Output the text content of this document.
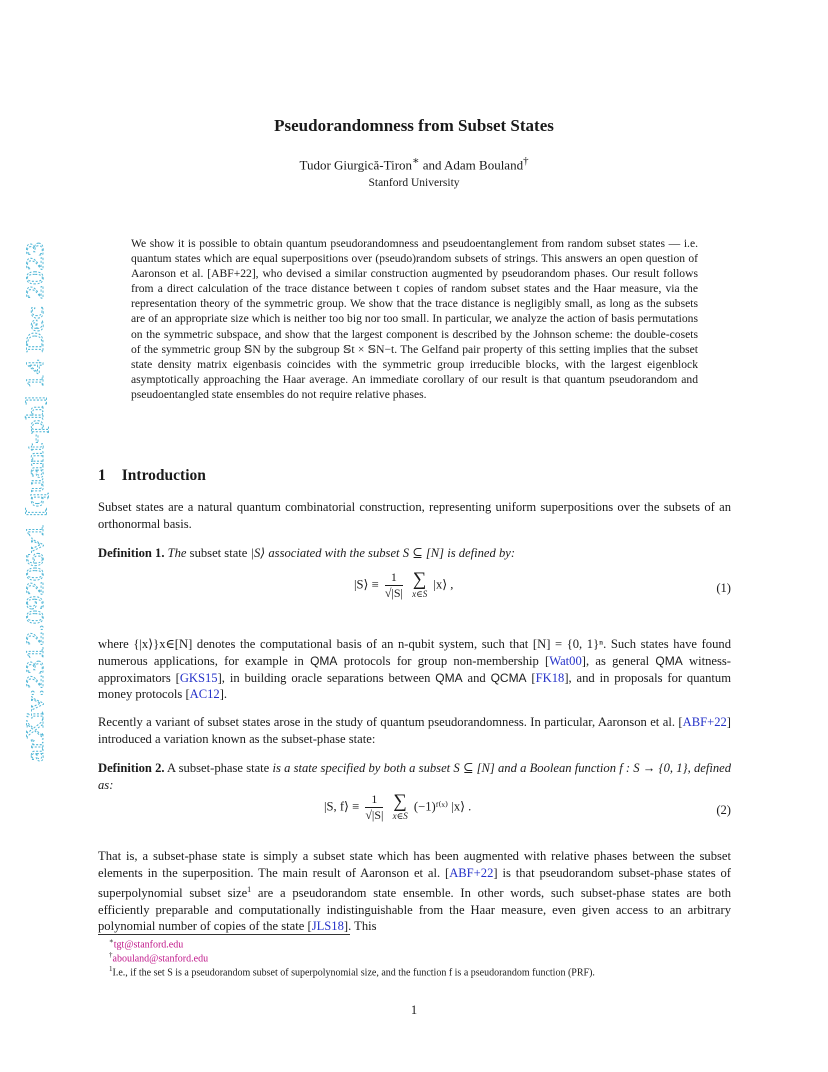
arXiv:2312.09206v1 [quant-ph] 14 Dec 2023
Pseudorandomness from Subset States
Tudor Giurgică-Tiron∗ and Adam Bouland†
Stanford University
We show it is possible to obtain quantum pseudorandomness and pseudoentanglement from random subset states — i.e. quantum states which are equal superpositions over (pseudo)random subsets of strings. This answers an open question of Aaronson et al. [ABF+22], who devised a similar construction augmented by pseudorandom phases. Our result follows from a direct calculation of the trace distance between t copies of random subset states and the Haar measure, via the representation theory of the symmetric group. We show that the trace distance is negligibly small, as long as the subsets are of an appropriate size which is neither too big nor too small. In particular, we analyze the action of basis permutations on the symmetric subspace, and show that the largest component is described by the Johnson scheme: the double-cosets of the symmetric group 𝕊N by the subgroup 𝕊t × 𝕊N−t. The Gelfand pair property of this setting implies that the subset state density matrix eigenbasis coincides with the symmetric group irreducible blocks, with the largest eigenblock asymptotically approaching the Haar average. An immediate corollary of our result is that quantum pseudorandom and pseudoentangled state ensembles do not require relative phases.
1 Introduction
Subset states are a natural quantum combinatorial construction, representing uniform superpositions over the subsets of an orthonormal basis.
Definition 1. The subset state |S⟩ associated with the subset S ⊆ [N] is defined by:
|S⟩ ≡ $\frac{1}{√|S|}$
∑
x∈S
|x⟩ ,	(1)
where {|x⟩}x∈[N] denotes the computational basis of an n-qubit system, such that [N] = {0, 1}ⁿ. Such states have found numerous applications, for example in QMA protocols for group non-membership [Wat00], as general QMA witness-approximators [GKS15], in building oracle separations between QMA and QCMA [FK18], and in proposals for quantum money protocols [AC12].
Recently a variant of subset states arose in the study of quantum pseudorandomness. In particular, Aaronson et al. [ABF+22] introduced a variation known as the subset-phase state:
Definition 2. A subset-phase state is a state specified by both a subset S ⊆ [N] and a Boolean function f : S → {0, 1}, defined as:
|S, f⟩ ≡ $\frac{1}{√|S|}$
∑
x∈S
(−1)ᶠ⁽ˣ⁾ |x⟩ .	(2)
That is, a subset-phase state is simply a subset state which has been augmented with relative phases between the subset elements in the superposition. The main result of Aaronson et al. [ABF+22] is that pseudorandom subset-phase states of superpolynomial subset size$^1$ are a pseudorandom state ensemble. In other words, such subset-phase states are both efficiently preparable and computationally indistinguishable from the Haar measure, even given access to an arbitrary polynomial number of copies of the state [JLS18]. This
∗tgt@stanford.edu
†abouland@stanford.edu
$^1$I.e., if the set S is a pseudorandom subset of superpolynomial size, and the function f is a pseudorandom function (PRF).
1
